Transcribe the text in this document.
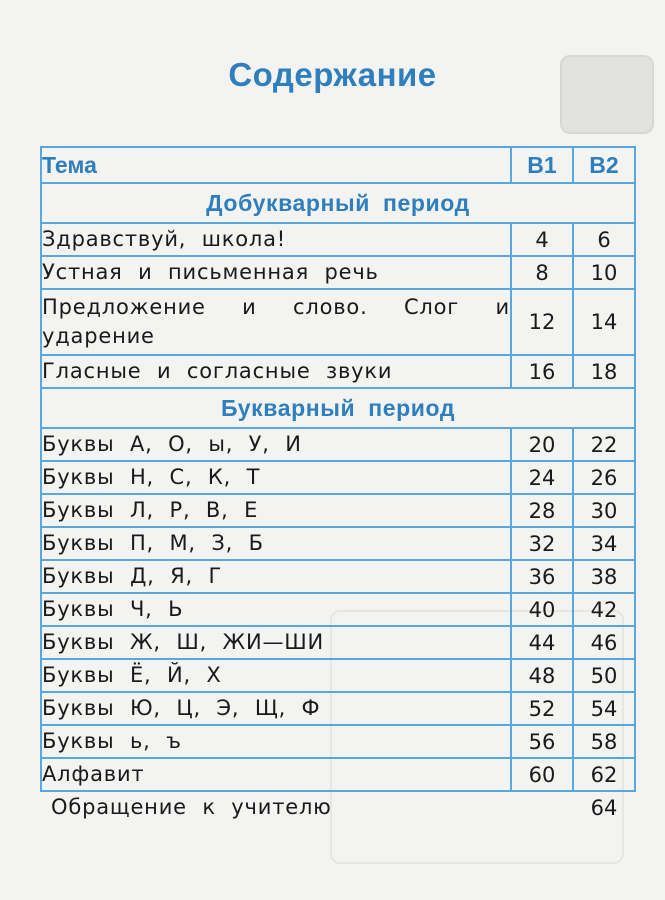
Содержание
Тема	В1	В2
Добукварный период		
Здравствуй, школа!	4	6
Устная и письменная речь	8	10
Предложение и слово. Слог и ударение	12	14
Гласные и согласные звуки	16	18
Букварный период		
Буквы А, О, ы, У, И	20	22
Буквы Н, С, К, Т	24	26
Буквы Л, Р, В, Е	28	30
Буквы П, М, З, Б	32	34
Буквы Д, Я, Г	36	38
Буквы Ч, Ь	40	42
Буквы Ж, Ш, ЖИ—ШИ	44	46
Буквы Ё, Й, Х	48	50
Буквы Ю, Ц, Э, Щ, Ф	52	54
Буквы ь, ъ	56	58
Алфавит	60	62
Обращение к учителю		64
